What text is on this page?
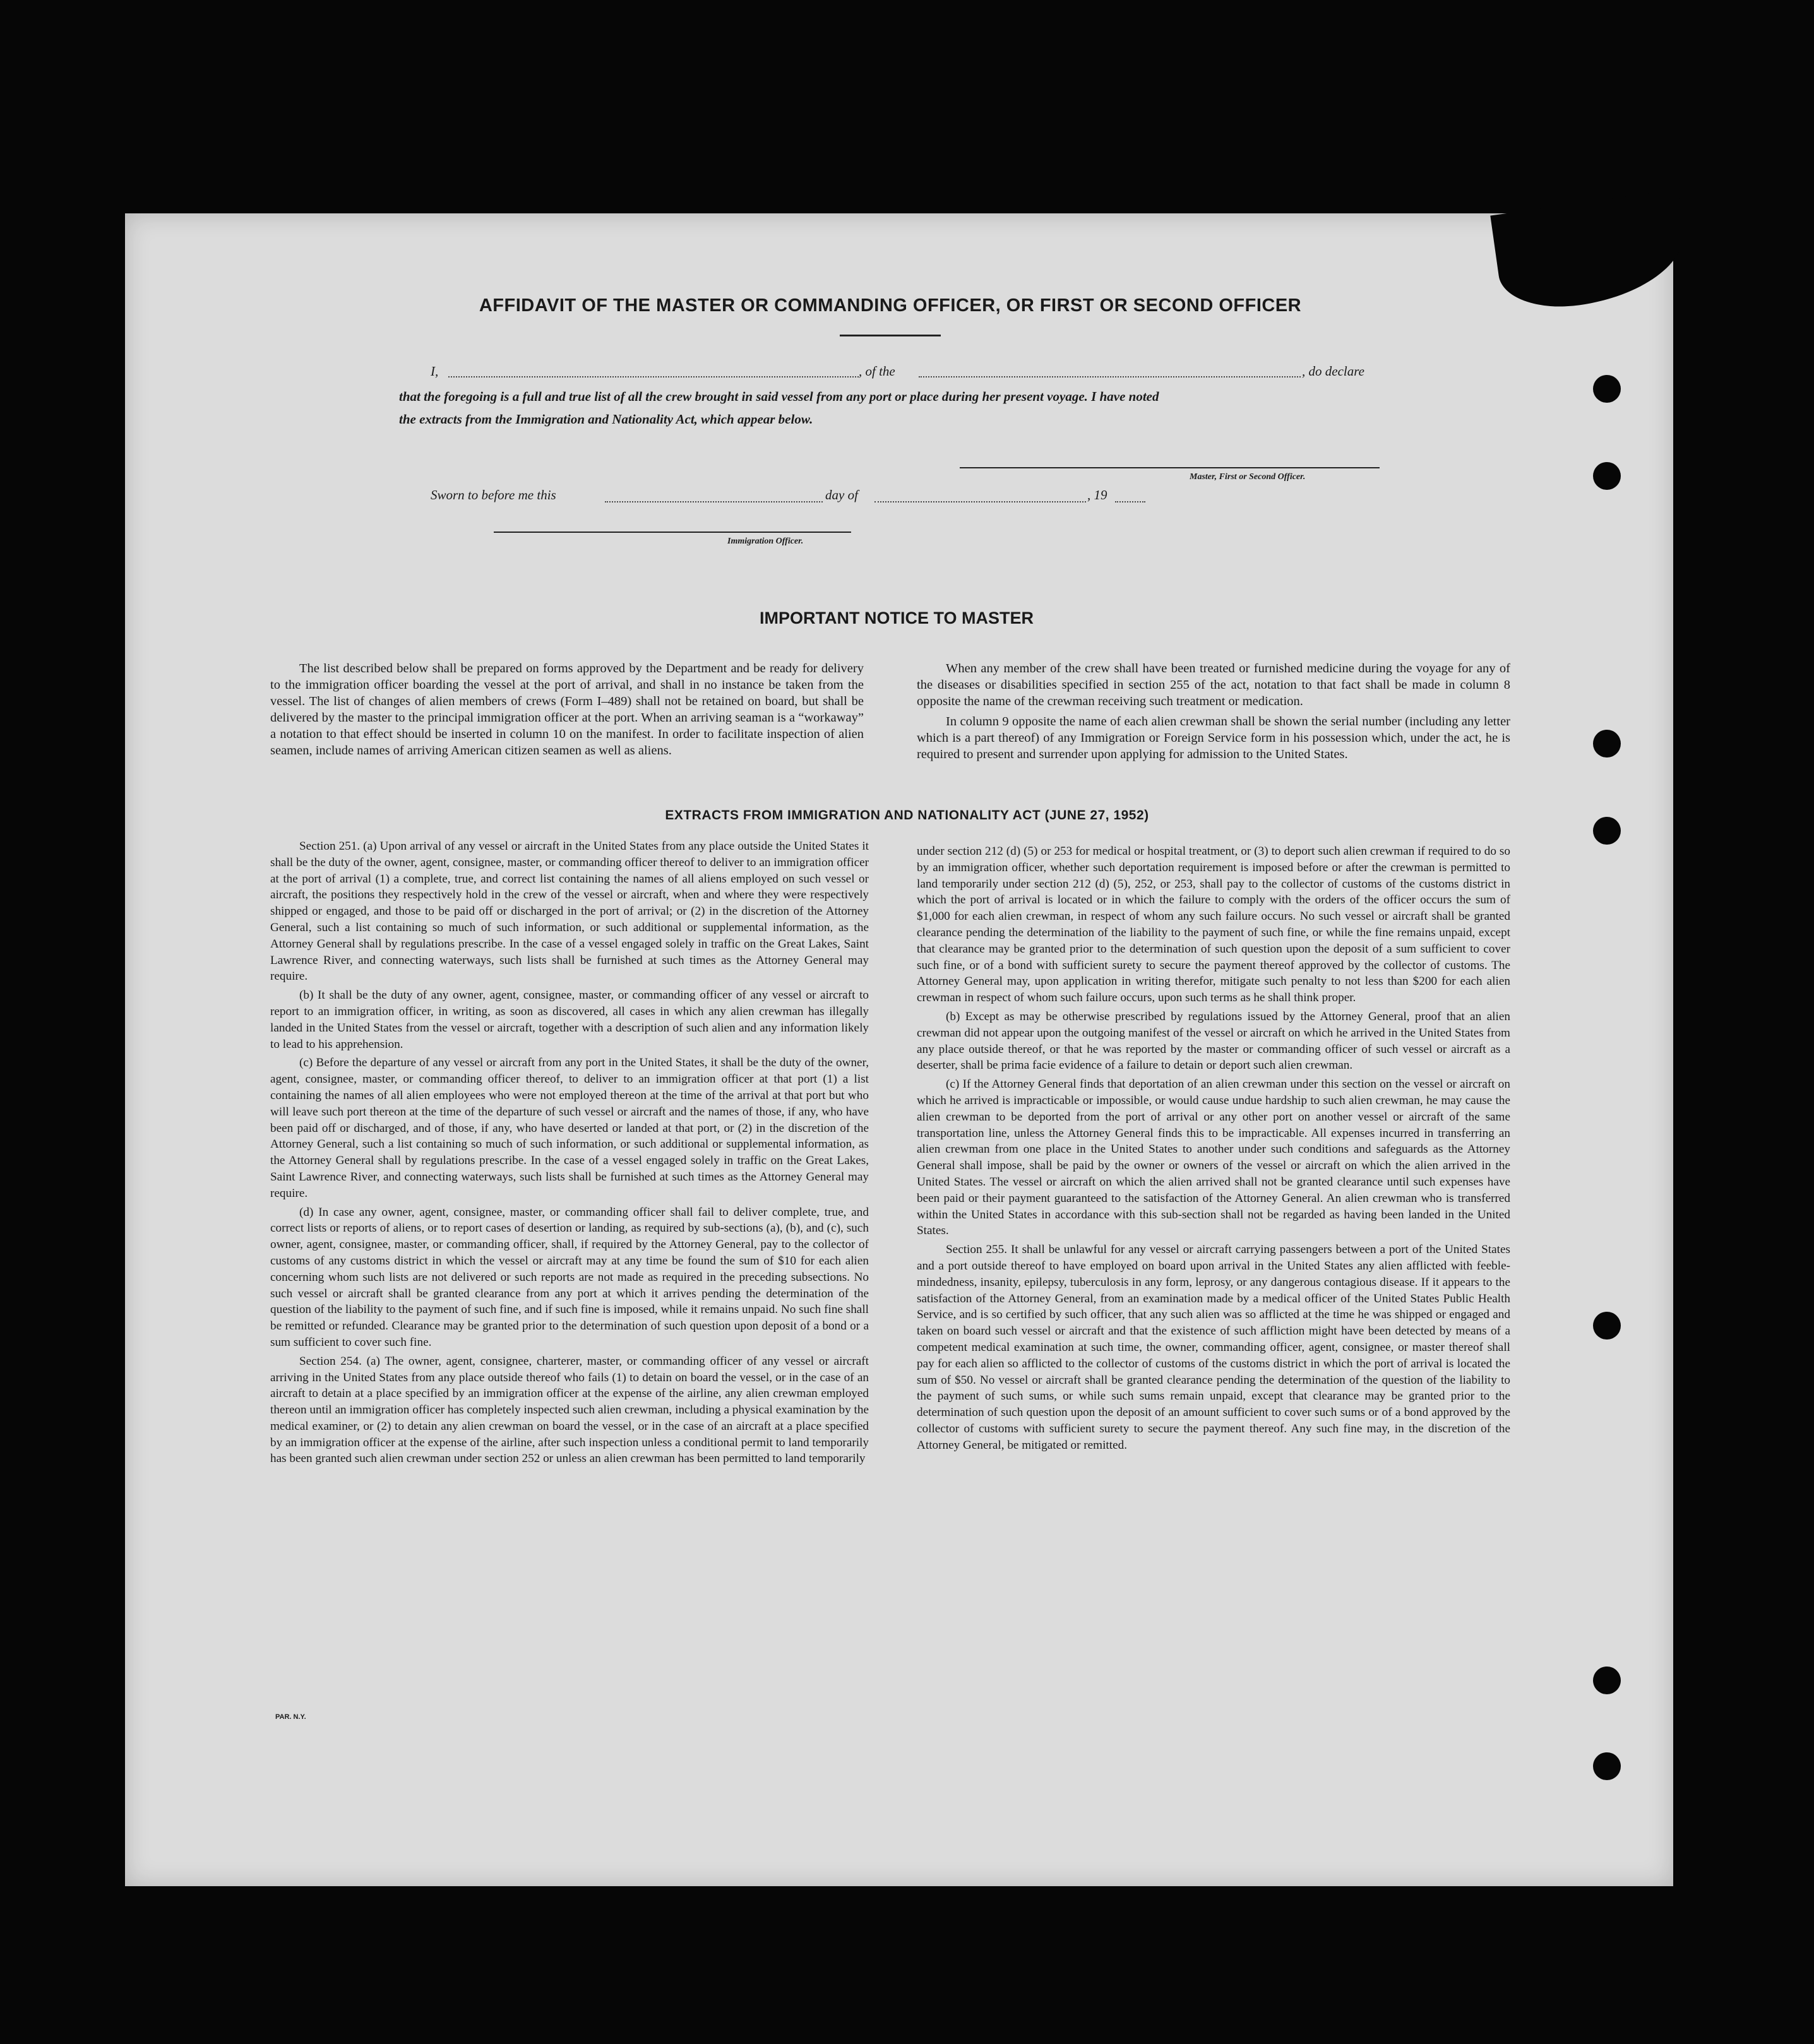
AFFIDAVIT OF THE MASTER OR COMMANDING OFFICER, OR FIRST OR SECOND OFFICER
I,	, of the	, do declare
that the foregoing is a full and true list of all the crew brought in said vessel from any port or place during her present voyage. I have noted
the extracts from the Immigration and Nationality Act, which appear below.
Master, First or Second Officer.
Sworn to before me this	day of	, 19
Immigration Officer.
IMPORTANT NOTICE TO MASTER

The list described below shall be prepared on forms approved by the Department and be ready for delivery to the immigration officer boarding the vessel at the port of arrival, and shall in no instance be taken from the vessel. The list of changes of alien members of crews (Form I–489) shall not be retained on board, but shall be delivered by the master to the principal immigration officer at the port. When an arriving seaman is a “workaway” a notation to that effect should be inserted in column 10 on the manifest. In order to facilitate inspection of alien seamen, include names of arriving American citizen seamen as well as aliens.

When any member of the crew shall have been treated or furnished medicine during the voyage for any of the diseases or disabilities specified in section 255 of the act, notation to that fact shall be made in column 8 opposite the name of the crewman receiving such treatment or medication.

In column 9 opposite the name of each alien crewman shall be shown the serial number (including any letter which is a part thereof) of any Immigration or Foreign Service form in his possession which, under the act, he is required to present and surrender upon applying for admission to the United States.

EXTRACTS FROM IMMIGRATION AND NATIONALITY ACT (JUNE 27, 1952)

Section 251. (a) Upon arrival of any vessel or aircraft in the United States from any place outside the United States it shall be the duty of the owner, agent, consignee, master, or commanding officer thereof to deliver to an immigration officer at the port of arrival (1) a complete, true, and correct list containing the names of all aliens employed on such vessel or aircraft, the positions they respectively hold in the crew of the vessel or aircraft, when and where they were respectively shipped or engaged, and those to be paid off or discharged in the port of arrival; or (2) in the discretion of the Attorney General, such a list containing so much of such information, or such additional or supplemental information, as the Attorney General shall by regulations prescribe. In the case of a vessel engaged solely in traffic on the Great Lakes, Saint Lawrence River, and connecting waterways, such lists shall be furnished at such times as the Attorney General may require.

(b) It shall be the duty of any owner, agent, consignee, master, or commanding officer of any vessel or aircraft to report to an immigration officer, in writing, as soon as discovered, all cases in which any alien crewman has illegally landed in the United States from the vessel or aircraft, together with a description of such alien and any information likely to lead to his apprehension.

(c) Before the departure of any vessel or aircraft from any port in the United States, it shall be the duty of the owner, agent, consignee, master, or commanding officer thereof, to deliver to an immigration officer at that port (1) a list containing the names of all alien employees who were not employed thereon at the time of the arrival at that port but who will leave such port thereon at the time of the departure of such vessel or aircraft and the names of those, if any, who have been paid off or discharged, and of those, if any, who have deserted or landed at that port, or (2) in the discretion of the Attorney General, such a list containing so much of such information, or such additional or supplemental information, as the Attorney General shall by regulations prescribe. In the case of a vessel engaged solely in traffic on the Great Lakes, Saint Lawrence River, and connecting waterways, such lists shall be furnished at such times as the Attorney General may require.

(d) In case any owner, agent, consignee, master, or commanding officer shall fail to deliver complete, true, and correct lists or reports of aliens, or to report cases of desertion or landing, as required by sub-sections (a), (b), and (c), such owner, agent, consignee, master, or commanding officer, shall, if required by the Attorney General, pay to the collector of customs of any customs district in which the vessel or aircraft may at any time be found the sum of $10 for each alien concerning whom such lists are not delivered or such reports are not made as required in the preceding subsections. No such vessel or aircraft shall be granted clearance from any port at which it arrives pending the determination of the question of the liability to the payment of such fine, and if such fine is imposed, while it remains unpaid. No such fine shall be remitted or refunded. Clearance may be granted prior to the determination of such question upon deposit of a bond or a sum sufficient to cover such fine.

Section 254. (a) The owner, agent, consignee, charterer, master, or commanding officer of any vessel or aircraft arriving in the United States from any place outside thereof who fails (1) to detain on board the vessel, or in the case of an aircraft to detain at a place specified by an immigration officer at the expense of the airline, any alien crewman employed thereon until an immigration officer has completely inspected such alien crewman, including a physical examination by the medical examiner, or (2) to detain any alien crewman on board the vessel, or in the case of an aircraft at a place specified by an immigration officer at the expense of the airline, after such inspection unless a conditional permit to land temporarily has been granted such alien crewman under section 252 or unless an alien crewman has been permitted to land temporarily

under section 212 (d) (5) or 253 for medical or hospital treatment, or (3) to deport such alien crewman if required to do so by an immigration officer, whether such deportation requirement is imposed before or after the crewman is permitted to land temporarily under section 212 (d) (5), 252, or 253, shall pay to the collector of customs of the customs district in which the port of arrival is located or in which the failure to comply with the orders of the officer occurs the sum of $1,000 for each alien crewman, in respect of whom any such failure occurs. No such vessel or aircraft shall be granted clearance pending the determination of the liability to the payment of such fine, or while the fine remains unpaid, except that clearance may be granted prior to the determination of such question upon the deposit of a sum sufficient to cover such fine, or of a bond with sufficient surety to secure the payment thereof approved by the collector of customs. The Attorney General may, upon application in writing therefor, mitigate such penalty to not less than $200 for each alien crewman in respect of whom such failure occurs, upon such terms as he shall think proper.

(b) Except as may be otherwise prescribed by regulations issued by the Attorney General, proof that an alien crewman did not appear upon the outgoing manifest of the vessel or aircraft on which he arrived in the United States from any place outside thereof, or that he was reported by the master or commanding officer of such vessel or aircraft as a deserter, shall be prima facie evidence of a failure to detain or deport such alien crewman.

(c) If the Attorney General finds that deportation of an alien crewman under this section on the vessel or aircraft on which he arrived is impracticable or impossible, or would cause undue hardship to such alien crewman, he may cause the alien crewman to be deported from the port of arrival or any other port on another vessel or aircraft of the same transportation line, unless the Attorney General finds this to be impracticable. All expenses incurred in transferring an alien crewman from one place in the United States to another under such conditions and safeguards as the Attorney General shall impose, shall be paid by the owner or owners of the vessel or aircraft on which the alien arrived in the United States. The vessel or aircraft on which the alien arrived shall not be granted clearance until such expenses have been paid or their payment guaranteed to the satisfaction of the Attorney General. An alien crewman who is transferred within the United States in accordance with this sub-section shall not be regarded as having been landed in the United States.

Section 255. It shall be unlawful for any vessel or aircraft carrying passengers between a port of the United States and a port outside thereof to have employed on board upon arrival in the United States any alien afflicted with feeble-mindedness, insanity, epilepsy, tuberculosis in any form, leprosy, or any dangerous contagious disease. If it appears to the satisfaction of the Attorney General, from an examination made by a medical officer of the United States Public Health Service, and is so certified by such officer, that any such alien was so afflicted at the time he was shipped or engaged and taken on board such vessel or aircraft and that the existence of such affliction might have been detected by means of a competent medical examination at such time, the owner, commanding officer, agent, consignee, or master thereof shall pay for each alien so afflicted to the collector of customs of the customs district in which the port of arrival is located the sum of $50. No vessel or aircraft shall be granted clearance pending the determination of the question of the liability to the payment of such sums, or while such sums remain unpaid, except that clearance may be granted prior to the determination of such question upon the deposit of an amount sufficient to cover such sums or of a bond approved by the collector of customs with sufficient surety to secure the payment thereof. Any such fine may, in the discretion of the Attorney General, be mitigated or remitted.

PAR. N.Y.
